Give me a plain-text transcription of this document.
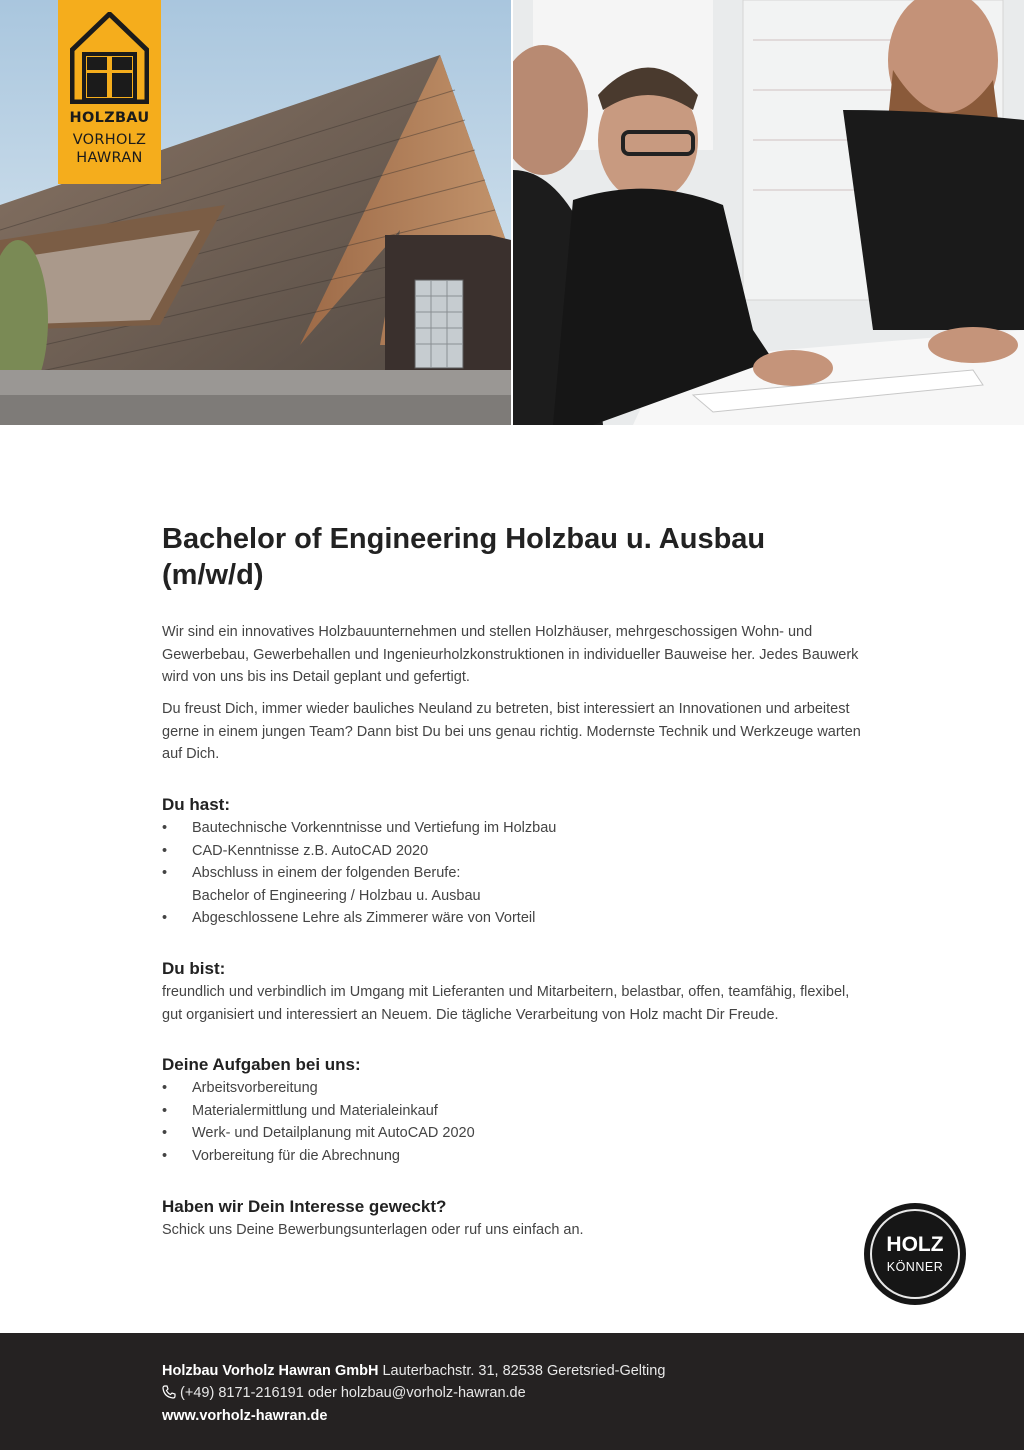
HOLZBAU
VORHOLZ
HAWRAN
Bachelor of Engineering Holzbau u. Ausbau (m/w/d)

Wir sind ein innovatives Holzbauunternehmen und stellen Holzhäuser, mehrgeschossigen Wohn- und Gewerbebau, Gewerbehallen und Ingenieurholzkonstruktionen in individueller Bauweise her. Jedes Bauwerk wird von uns bis ins Detail geplant und gefertigt.

Du freust Dich, immer wieder bauliches Neuland zu betreten, bist interessiert an Innovationen und arbeitest gerne in einem jungen Team? Dann bist Du bei uns genau richtig. Modernste Technik und Werkzeuge warten auf Dich.

Du hast:
• Bautechnische Vorkenntnisse und Vertiefung im Holzbau
• CAD-Kenntnisse z.B. AutoCAD 2020
• Abschluss in einem der folgenden Berufe:
Bachelor of Engineering / Holzbau u. Ausbau
• Abgeschlossene Lehre als Zimmerer wäre von Vorteil
Du bist:

freundlich und verbindlich im Umgang mit Lieferanten und Mitarbeitern, belastbar, offen, teamfähig, flexibel, gut organisiert und interessiert an Neuem. Die tägliche Verarbeitung von Holz macht Dir Freude.

Deine Aufgaben bei uns:
• Arbeitsvorbereitung
• Materialermittlung und Materialeinkauf
• Werk- und Detailplanung mit AutoCAD 2020
• Vorbereitung für die Abrechnung
Haben wir Dein Interesse geweckt?

Schick uns Deine Bewerbungsunterlagen oder ruf uns einfach an.

HOLZ
KÖNNER
Holzbau Vorholz Hawran GmbH Lauterbachstr. 31, 82538 Geretsried-Gelting
(+49) 8171-216191 oder holzbau@vorholz-hawran.de
www.vorholz-hawran.de
